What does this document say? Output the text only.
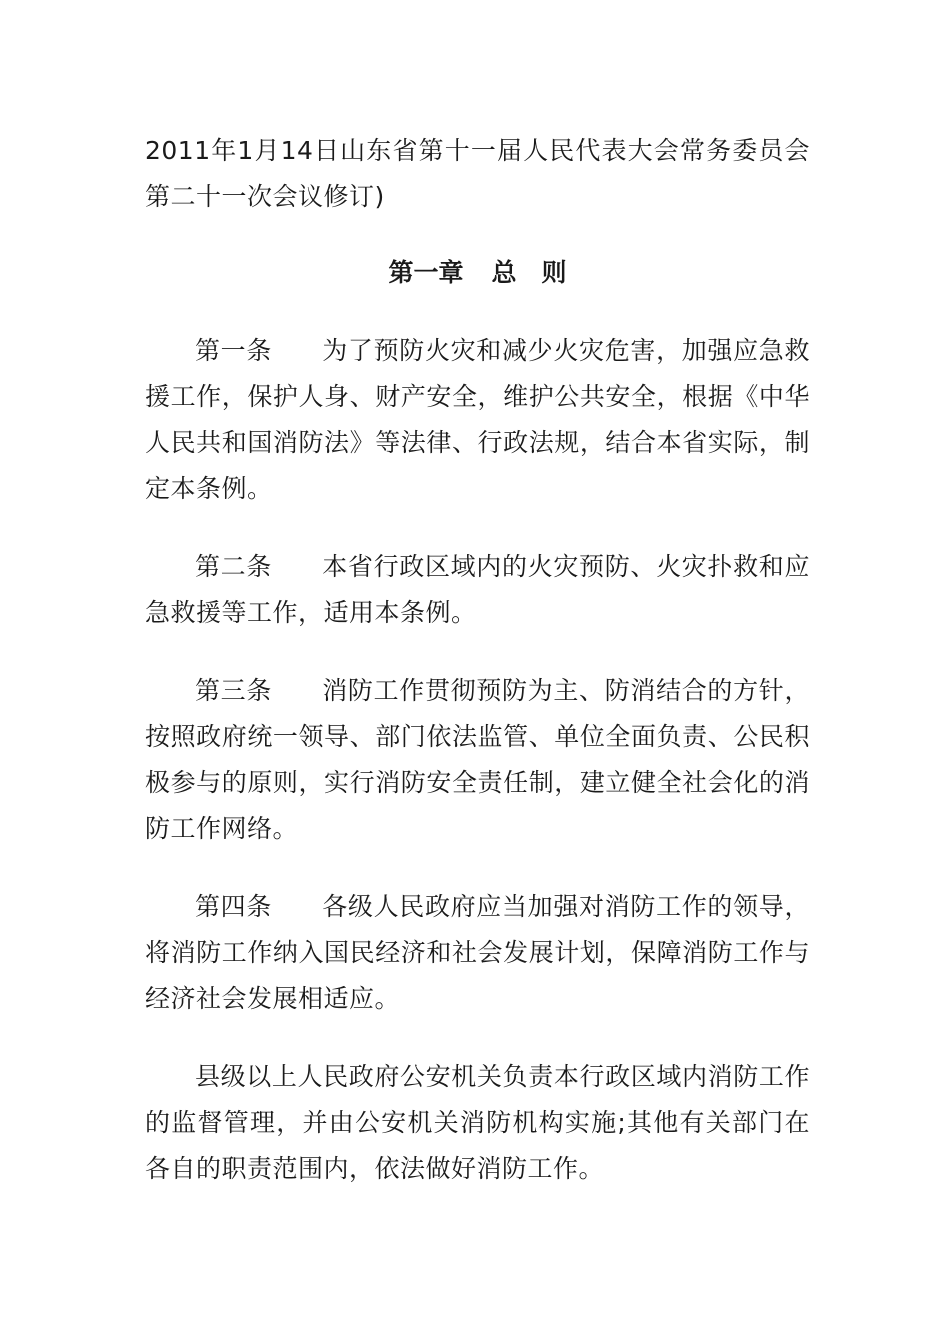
2011年1月14日山东省第十一届人民代表大会常务委员会第二十一次会议修订)

第一章 总　则

第一条 为了预防火灾和减少火灾危害，加强应急救援工作，保护人身、财产安全，维护公共安全，根据《中华人民共和国消防法》等法律、行政法规，结合本省实际，制定本条例。

第二条 本省行政区域内的火灾预防、火灾扑救和应急救援等工作，适用本条例。

第三条 消防工作贯彻预防为主、防消结合的方针，按照政府统一领导、部门依法监管、单位全面负责、公民积极参与的原则，实行消防安全责任制，建立健全社会化的消防工作网络。

第四条 各级人民政府应当加强对消防工作的领导，将消防工作纳入国民经济和社会发展计划，保障消防工作与经济社会发展相适应。

县级以上人民政府公安机关负责本行政区域内消防工作的监督管理，并由公安机关消防机构实施;其他有关部门在各自的职责范围内，依法做好消防工作。
